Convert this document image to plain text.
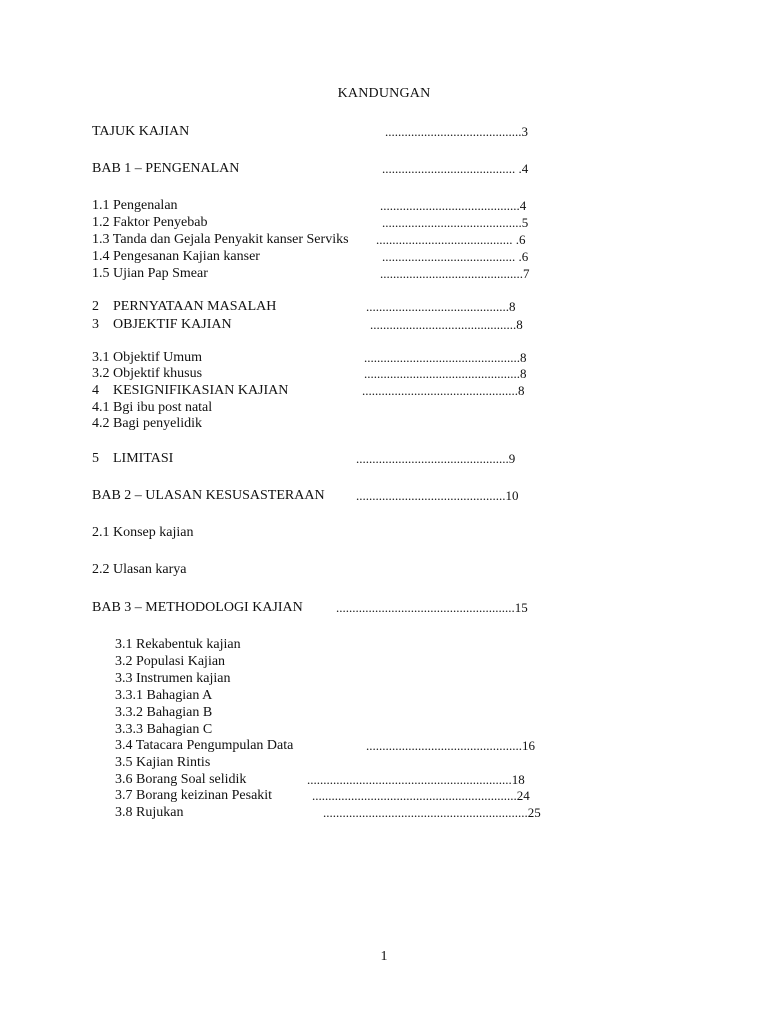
KANDUNGAN
TAJUK KAJIAN	..........................................3
BAB 1 – PENGENALAN	......................................... .4
1.1 Pengenalan	...........................................4
1.2 Faktor Penyebab	...........................................5
1.3 Tanda dan Gejala Penyakit kanser Serviks .......................................... .6
1.4 Pengesanan Kajian kanser	......................................... .6
1.5 Ujian Pap Smear	............................................7
2    PERNYATAAN MASALAH	............................................8
3    OBJEKTIF KAJIAN	.............................................8
3.1 Objektif Umum	................................................8
3.2 Objektif khusus	................................................8
4    KESIGNIFIKASIAN KAJIAN	................................................8
4.1 Bgi ibu post natal
4.2 Bagi penyelidik
5    LIMITASI	...............................................9
BAB 2 – ULASAN KESUSASTERAAN ..............................................10
2.1 Konsep kajian
2.2 Ulasan karya
BAB 3 – METHODOLOGI KAJIAN	.......................................................15
3.1 Rekabentuk kajian
3.2 Populasi Kajian
3.3 Instrumen kajian
3.3.1 Bahagian A
3.3.2 Bahagian B
3.3.3 Bahagian C
3.4 Tatacara Pengumpulan Data	................................................16
3.5 Kajian Rintis
3.6 Borang Soal selidik	...............................................................18
3.7 Borang keizinan Pesakit	...............................................................24
3.8 Rujukan	...............................................................25
1
